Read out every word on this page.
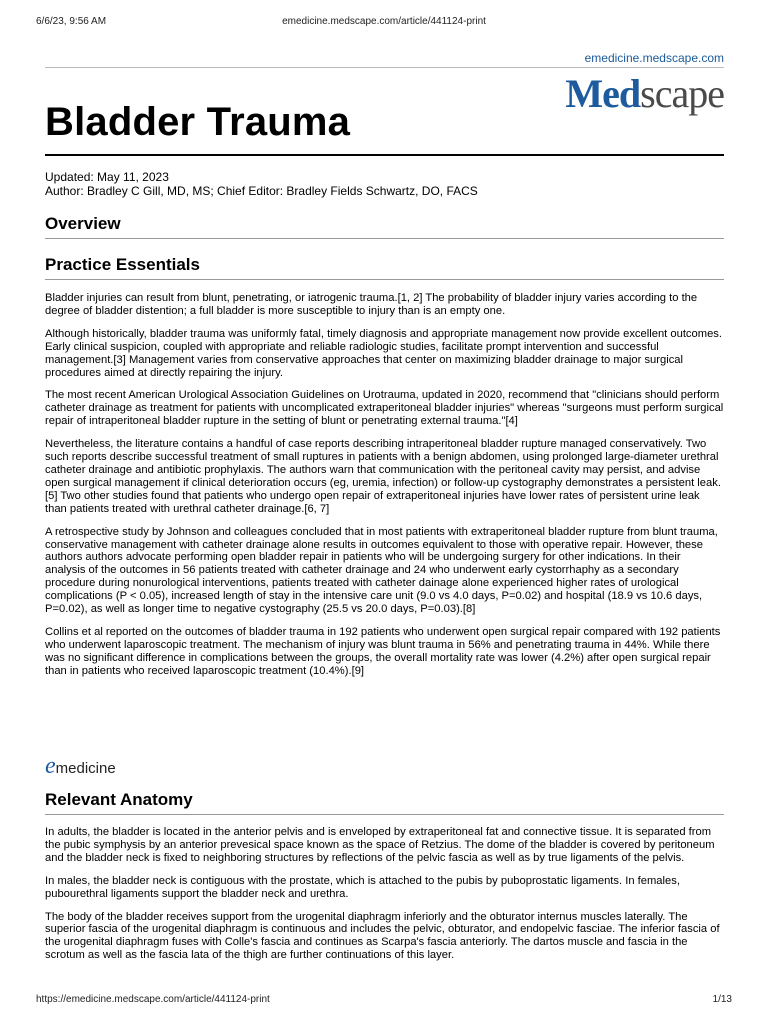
6/6/23, 9:56 AM	emedicine.medscape.com/article/441124-print
emedicine.medscape.com
Medscape
Bladder Trauma
Updated: May 11, 2023
Author: Bradley C Gill, MD, MS; Chief Editor: Bradley Fields Schwartz, DO, FACS
Overview
Practice Essentials

Bladder injuries can result from blunt, penetrating, or iatrogenic trauma.[1, 2] The probability of bladder injury varies according to the degree of bladder distention; a full bladder is more susceptible to injury than is an empty one.

Although historically, bladder trauma was uniformly fatal, timely diagnosis and appropriate management now provide excellent outcomes. Early clinical suspicion, coupled with appropriate and reliable radiologic studies, facilitate prompt intervention and successful management.[3] Management varies from conservative approaches that center on maximizing bladder drainage to major surgical procedures aimed at directly repairing the injury.

The most recent American Urological Association Guidelines on Urotrauma, updated in 2020, recommend that "clinicians should perform catheter drainage as treatment for patients with uncomplicated extraperitoneal bladder injuries" whereas "surgeons must perform surgical repair of intraperitoneal bladder rupture in the setting of blunt or penetrating external trauma."[4]

Nevertheless, the literature contains a handful of case reports describing intraperitoneal bladder rupture managed conservatively. Two such reports describe successful treatment of small ruptures in patients with a benign abdomen, using prolonged large-diameter urethral catheter drainage and antibiotic prophylaxis. The authors warn that communication with the peritoneal cavity may persist, and advise open surgical management if clinical deterioration occurs (eg, uremia, infection) or follow-up cystography demonstrates a persistent leak.[5] Two other studies found that patients who undergo open repair of extraperitoneal injuries have lower rates of persistent urine leak than patients treated with urethral catheter drainage.[6, 7]

A retrospective study by Johnson and colleagues concluded that in most patients with extraperitoneal bladder rupture from blunt trauma, conservative management with catheter drainage alone results in outcomes equivalent to those with operative repair. However, these authors authors advocate performing open bladder repair in patients who will be undergoing surgery for other indications. In their analysis of the outcomes in 56 patients treated with catheter drainage and 24 who underwent early cystorrhaphy as a secondary procedure during nonurological interventions, patients treated with catheter dainage alone experienced higher rates of urological complications (P < 0.05), increased length of stay in the intensive care unit (9.0 vs 4.0 days, P=0.02) and hospital (18.9 vs 10.6 days, P=0.02), as well as longer time to negative cystography (25.5 vs 20.0 days, P=0.03).[8]

Collins et al reported on the outcomes of bladder trauma in 192 patients who underwent open surgical repair compared with 192 patients who underwent laparoscopic treatment. The mechanism of injury was blunt trauma in 56% and penetrating trauma in 44%. While there was no significant difference in complications between the groups, the overall mortality rate was lower (4.2%) after open surgical repair than in patients who received laparoscopic treatment (10.4%).[9]

emedicine
Relevant Anatomy

In adults, the bladder is located in the anterior pelvis and is enveloped by extraperitoneal fat and connective tissue. It is separated from the pubic symphysis by an anterior prevesical space known as the space of Retzius. The dome of the bladder is covered by peritoneum and the bladder neck is fixed to neighboring structures by reflections of the pelvic fascia as well as by true ligaments of the pelvis.

In males, the bladder neck is contiguous with the prostate, which is attached to the pubis by puboprostatic ligaments. In females, pubourethral ligaments support the bladder neck and urethra.

The body of the bladder receives support from the urogenital diaphragm inferiorly and the obturator internus muscles laterally. The superior fascia of the urogenital diaphragm is continuous and includes the pelvic, obturator, and endopelvic fasciae. The inferior fascia of the urogenital diaphragm fuses with Colle's fascia and continues as Scarpa's fascia anteriorly. The dartos muscle and fascia in the scrotum as well as the fascia lata of the thigh are further continuations of this layer.

https://emedicine.medscape.com/article/441124-print	1/13
